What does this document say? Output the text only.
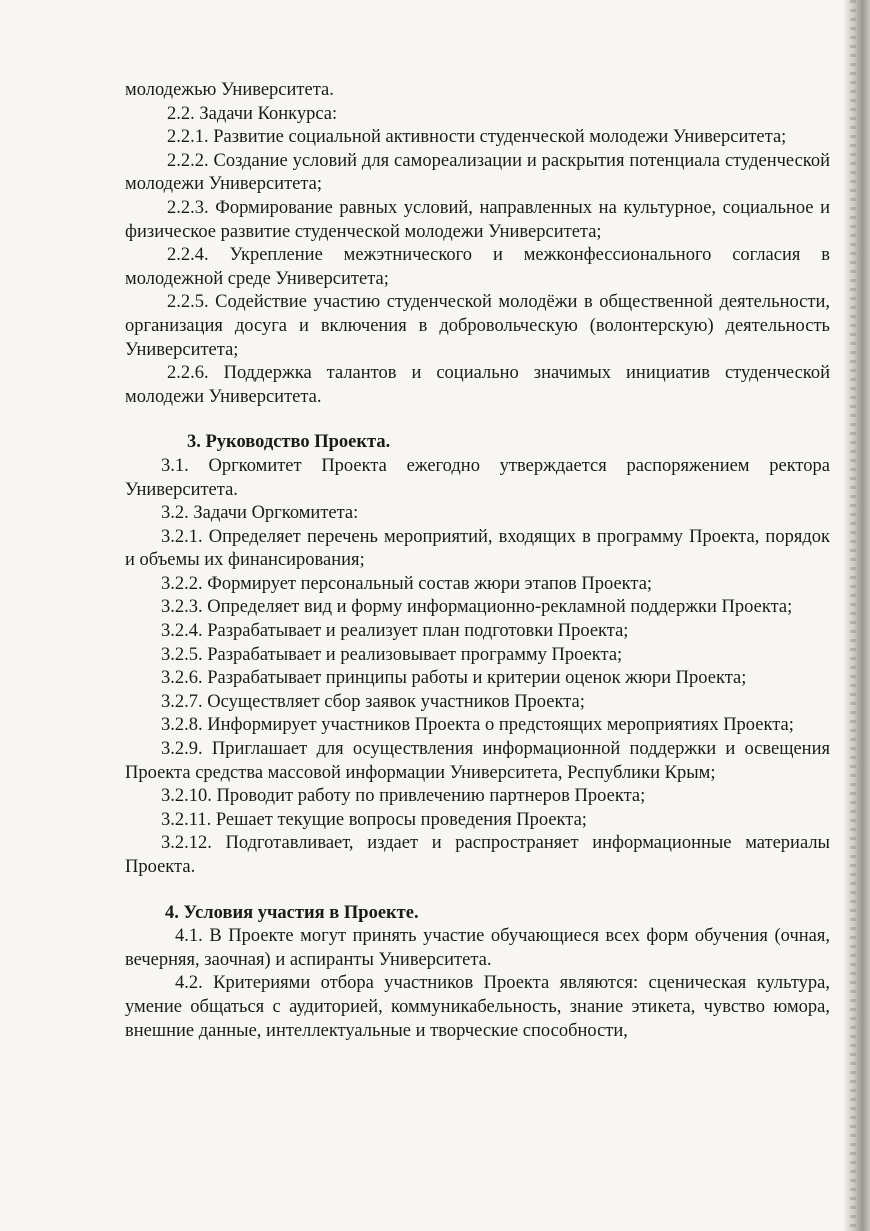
молодежью Университета.

2.2. Задачи Конкурса:

2.2.1. Развитие социальной активности студенческой молодежи Университета;

2.2.2. Создание условий для самореализации и раскрытия потенциала студенческой молодежи Университета;

2.2.3. Формирование равных условий, направленных на культурное, социальное и физическое развитие студенческой молодежи Университета;

2.2.4. Укрепление межэтнического и межконфессионального согласия в молодежной среде Университета;

2.2.5. Содействие участию студенческой молодёжи в общественной деятельности, организация досуга и включения в добровольческую (волонтерскую) деятельность Университета;

2.2.6. Поддержка талантов и социально значимых инициатив студенческой молодежи Университета.

3. Руководство Проекта.

3.1. Оргкомитет Проекта ежегодно утверждается распоряжением ректора Университета.

3.2. Задачи Оргкомитета:

3.2.1. Определяет перечень мероприятий, входящих в программу Проекта, порядок и объемы их финансирования;

3.2.2. Формирует персональный состав жюри этапов Проекта;

3.2.3. Определяет вид и форму информационно-рекламной поддержки Проекта;

3.2.4. Разрабатывает и реализует план подготовки Проекта;

3.2.5. Разрабатывает и реализовывает программу Проекта;

3.2.6. Разрабатывает принципы работы и критерии оценок жюри Проекта;

3.2.7. Осуществляет сбор заявок участников Проекта;

3.2.8. Информирует участников Проекта о предстоящих мероприятиях Проекта;

3.2.9. Приглашает для осуществления информационной поддержки и освещения Проекта средства массовой информации Университета, Республики Крым;

3.2.10. Проводит работу по привлечению партнеров Проекта;

3.2.11. Решает текущие вопросы проведения Проекта;

3.2.12. Подготавливает, издает и распространяет информационные материалы Проекта.

4. Условия участия в Проекте.

4.1. В Проекте могут принять участие обучающиеся всех форм обучения (очная, вечерняя, заочная) и аспиранты Университета.

4.2. Критериями отбора участников Проекта являются: сценическая культура, умение общаться с аудиторией, коммуникабельность, знание этикета, чувство юмора, внешние данные, интеллектуальные и творческие способности,
